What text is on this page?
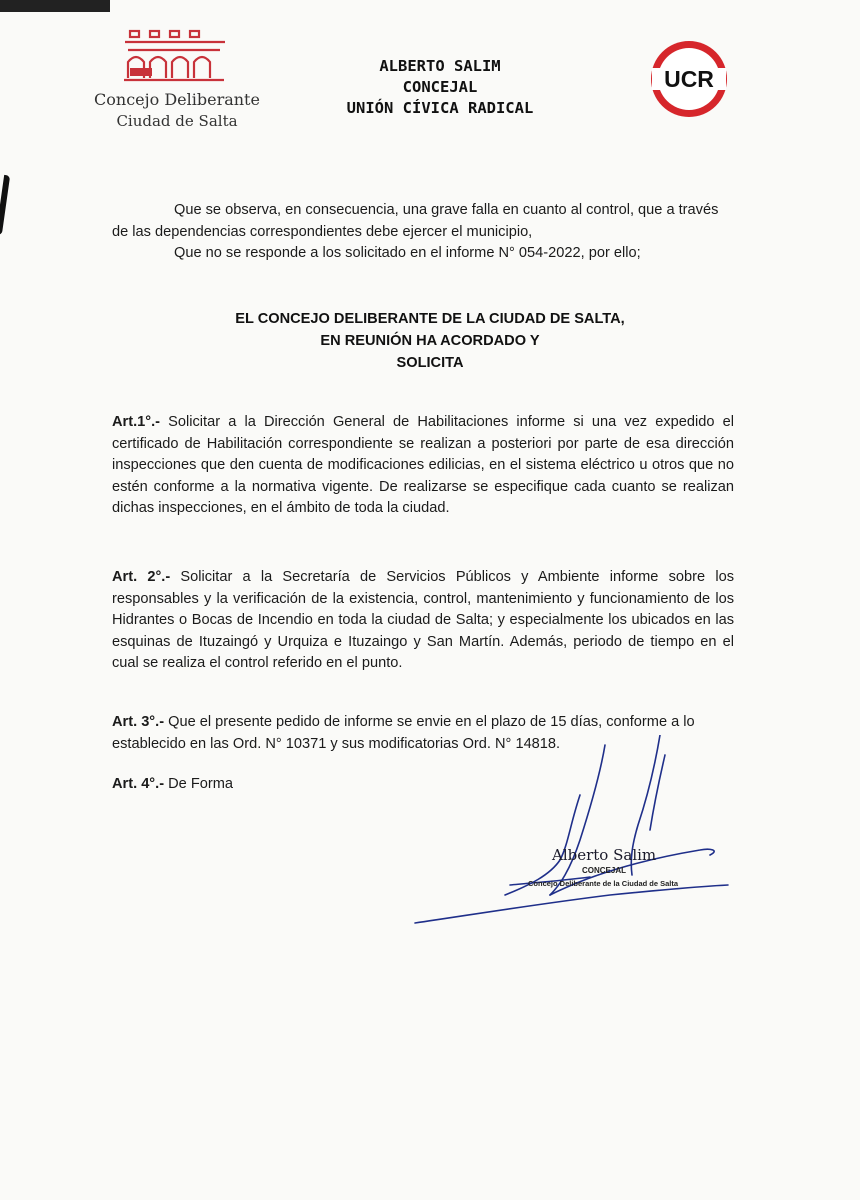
Concejo Deliberante
Ciudad de Salta
ALBERTO SALIM
CONCEJAL
UNIÓN CÍVICA RADICAL
UCR
Que se observa, en consecuencia, una grave falla en cuanto al control, que a través de las dependencias correspondientes debe ejercer el municipio,
Que no se responde a los solicitado en el informe N° 054-2022, por ello;
EL CONCEJO DELIBERANTE DE LA CIUDAD DE SALTA,
EN REUNIÓN HA ACORDADO Y
SOLICITA
Art.1°.- Solicitar a la Dirección General de Habilitaciones informe si una vez expedido el certificado de Habilitación correspondiente se realizan a posteriori por parte de esa dirección inspecciones que den cuenta de modificaciones edilicias, en el sistema eléctrico u otros que no estén conforme a la normativa vigente. De realizarse se especifique cada cuanto se realizan dichas inspecciones, en el ámbito de toda la ciudad.
Art. 2°.- Solicitar a la Secretaría de Servicios Públicos y Ambiente informe sobre los responsables y la verificación de la existencia, control, mantenimiento y funcionamiento de los Hidrantes o Bocas de Incendio en toda la ciudad de Salta; y especialmente los ubicados en las esquinas de Ituzaingó y Urquiza e Ituzaingo y San Martín. Además, periodo de tiempo en el cual se realiza el control referido en el punto.
Art. 3°.- Que el presente pedido de informe se envie en el plazo de 15 días, conforme a lo establecido en las Ord. N° 10371 y sus modificatorias Ord. N° 14818.
Art. 4°.- De Forma
Alberto Salim
CONCEJAL
Concejo Deliberante de la Ciudad de Salta
